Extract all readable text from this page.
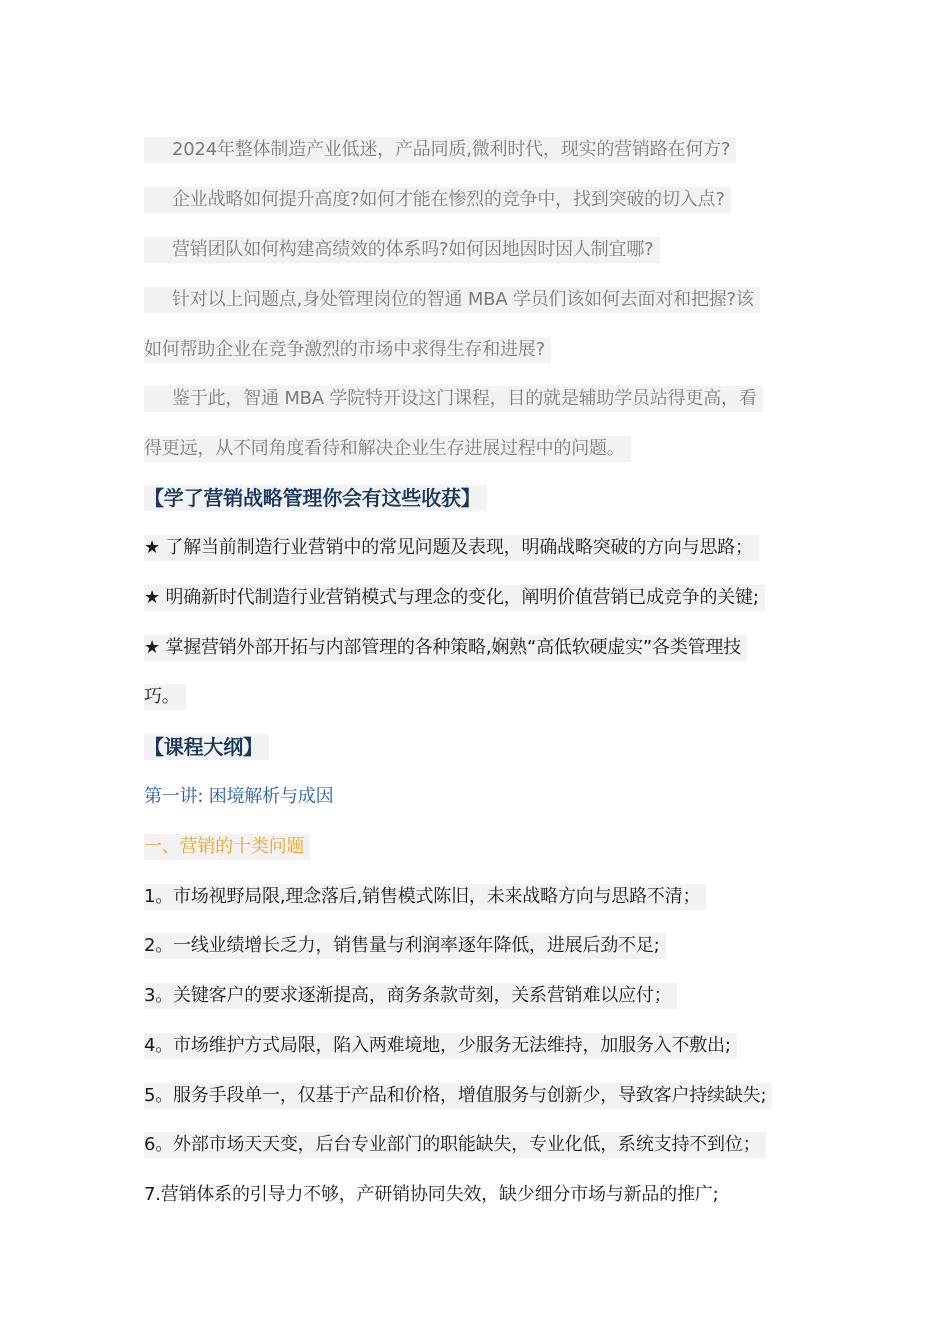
2024年整体制造产业低迷，产品同质,微利时代，现实的营销路在何方?
企业战略如何提升高度?如何才能在惨烈的竞争中，找到突破的切入点?
营销团队如何构建高绩效的体系吗?如何因地因时因人制宜哪?
针对以上问题点,身处管理岗位的智通 MBA 学员们该如何去面对和把握?该
如何帮助企业在竞争激烈的市场中求得生存和进展?
鉴于此，智通 MBA 学院特开设这门课程，目的就是辅助学员站得更高，看
得更远，从不同角度看待和解决企业生存进展过程中的问题。
【学了营销战略管理你会有这些收获】
★ 了解当前制造行业营销中的常见问题及表现，明确战略突破的方向与思路；
★ 明确新时代制造行业营销模式与理念的变化，阐明价值营销已成竞争的关键;
★ 掌握营销外部开拓与内部管理的各种策略,娴熟“高低软硬虚实”各类管理技
巧。
【课程大纲】
第一讲: 困境解析与成因
一、营销的十类问题
1。市场视野局限,理念落后,销售模式陈旧，未来战略方向与思路不清；
2。一线业绩增长乏力，销售量与利润率逐年降低，进展后劲不足;
3。关键客户的要求逐渐提高，商务条款苛刻，关系营销难以应付；
4。市场维护方式局限，陷入两难境地，少服务无法维持，加服务入不敷出;
5。服务手段单一，仅基于产品和价格，增值服务与创新少，导致客户持续缺失;
6。外部市场天天变，后台专业部门的职能缺失，专业化低，系统支持不到位；
7.营销体系的引导力不够，产研销协同失效，缺少细分市场与新品的推广;
